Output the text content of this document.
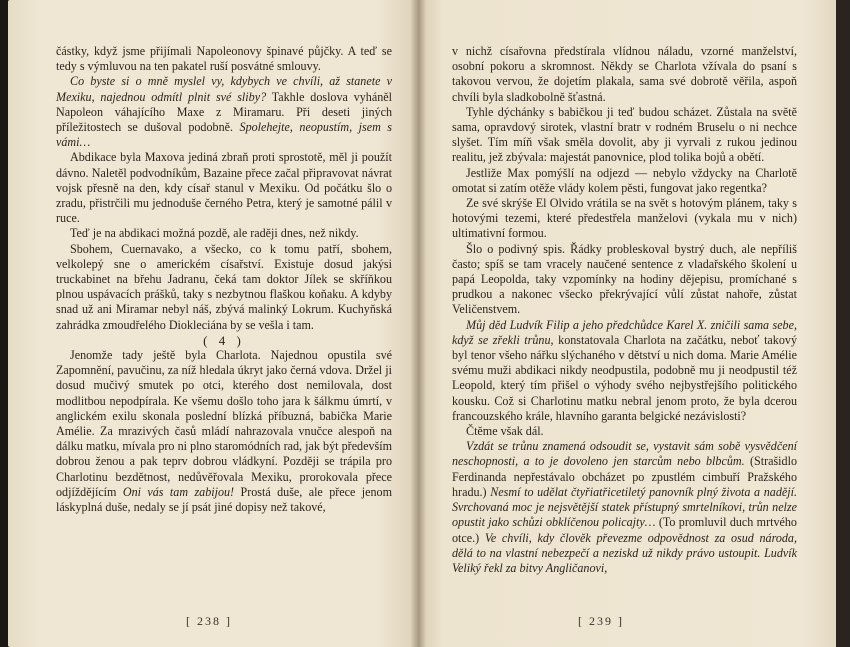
částky, když jsme přijímali Napoleonovy špinavé půjčky. A teď se tedy s výmluvou na ten pakatel ruší posvátné smlouvy.

Co byste si o mně myslel vy, kdybych ve chvíli, až stanete v Mexiku, najednou odmítl plnit své sliby? Takhle doslova vyháněl Napoleon váhajícího Maxe z Miramaru. Při deseti jiných příležitostech se dušoval podobně. Spolehejte, neopustím, jsem s vámi…

Abdikace byla Maxova jediná zbraň proti sprostotě, měl ji použít dávno. Naletěl podvodníkům, Bazaine přece začal připravovat návrat vojsk přesně na den, kdy císař stanul v Mexiku. Od počátku šlo o zradu, přistrčili mu jednoduše černého Petra, který je samotné pálil v ruce.

Teď je na abdikaci možná pozdě, ale raději dnes, než nikdy.

Sbohem, Cuernavako, a všecko, co k tomu patří, sbohem, velkolepý sne o americkém císařství. Existuje dosud jakýsi truckabinet na břehu Jadranu, čeká tam doktor Jílek se skříňkou plnou uspávacích prášků, taky s nezbytnou flaškou koňaku. A kdyby snad už ani Miramar nebyl náš, zbývá malinký Lokrum. Kuchyňská zahrádka zmoudřelého Diokleciána by se vešla i tam.

( 4 )

Jenomže tady ještě byla Charlota. Najednou opustila své Zapomnění, pavučinu, za níž hledala úkryt jako černá vdova. Držel ji dosud mučivý smutek po otci, kterého dost nemilovala, dost modlitbou nepodpírala. Ke všemu došlo toho jara k šálkmu úmrtí, v anglickém exilu skonala poslední blízká příbuzná, babička Marie Amélie. Za mrazivých časů mládí nahrazovala vnučce alespoň na dálku matku, mívala pro ni plno staromódních rad, jak být především dobrou ženou a pak teprv dobrou vládkyní. Později se trápila pro Charlotinu bezdětnost, nedůvěřovala Mexiku, prorokovala přece odjíždějícím Oni vás tam zabijou! Prostá duše, ale přece jenom láskyplná duše, nedaly se jí psát jiné dopisy než takové,

[ 238 ]

v nichž císařovna předstírala vlídnou náladu, vzorné manželství, osobní pokoru a skromnost. Někdy se Charlota vžívala do psaní s takovou vervou, že dojetím plakala, sama své dobrotě věřila, aspoň chvíli byla sladkobolně šťastná.

Tyhle dýchánky s babičkou ji teď budou scházet. Zůstala na světě sama, opravdový sirotek, vlastní bratr v rodném Bruselu o ni nechce slyšet. Tím míň však směla dovolit, aby ji vyrvali z rukou jedinou realitu, jež zbývala: majestát panovnice, plod tolika bojů a obětí.

Jestliže Max pomýšlí na odjezd — nebylo vždycky na Charlotě omotat si zatím otěže vlády kolem pěsti, fungovat jako regentka?

Ze své skrýše El Olvido vrátila se na svět s hotovým plánem, taky s hotovými tezemi, které předestřela manželovi (vykala mu v nich) ultimativní formou.

Šlo o podivný spis. Řádky probleskoval bystrý duch, ale nepříliš často; spíš se tam vracely naučené sentence z vladařského školení u papá Leopolda, taky vzpomínky na hodiny dějepisu, promíchané s prudkou a nakonec všecko překrývající vůlí zůstat nahoře, zůstat Veličenstvem.

Můj děd Ludvík Filip a jeho předchůdce Karel X. zničili sama sebe, když se zřekli trůnu, konstatovala Charlota na začátku, neboť takový byl tenor všeho nářku slýchaného v dětství u nich doma. Marie Amélie svému muži abdikaci nikdy neodpustila, podobně mu ji neodpustil též Leopold, který tím přišel o výhody svého nejbystřejšího politického kousku. Což si Charlotinu matku nebral jenom proto, že byla dcerou francouzského krále, hlavního garanta belgické nezávislosti?

Čtěme však dál.

Vzdát se trůnu znamená odsoudit se, vystavit sám sobě vysvědčení neschopnosti, a to je dovoleno jen starcům nebo blbcům. (Strašidlo Ferdinanda nepřestávalo obcházet po zpustlém cimbuří Pražského hradu.) Nesmí to udělat čtyřiatřicetiletý panovník plný života a nadějí. Svrchovaná moc je nejsvětější statek přístupný smrtelníkovi, trůn nelze opustit jako schůzi obklíčenou policajty… (To promluvil duch mrtvého otce.) Ve chvíli, kdy člověk převezme odpovědnost za osud národa, dělá to na vlastní nebezpečí a neziskd už nikdy právo ustoupit. Ludvík Veliký řekl za bitvy Angličanovi,

[ 239 ]
